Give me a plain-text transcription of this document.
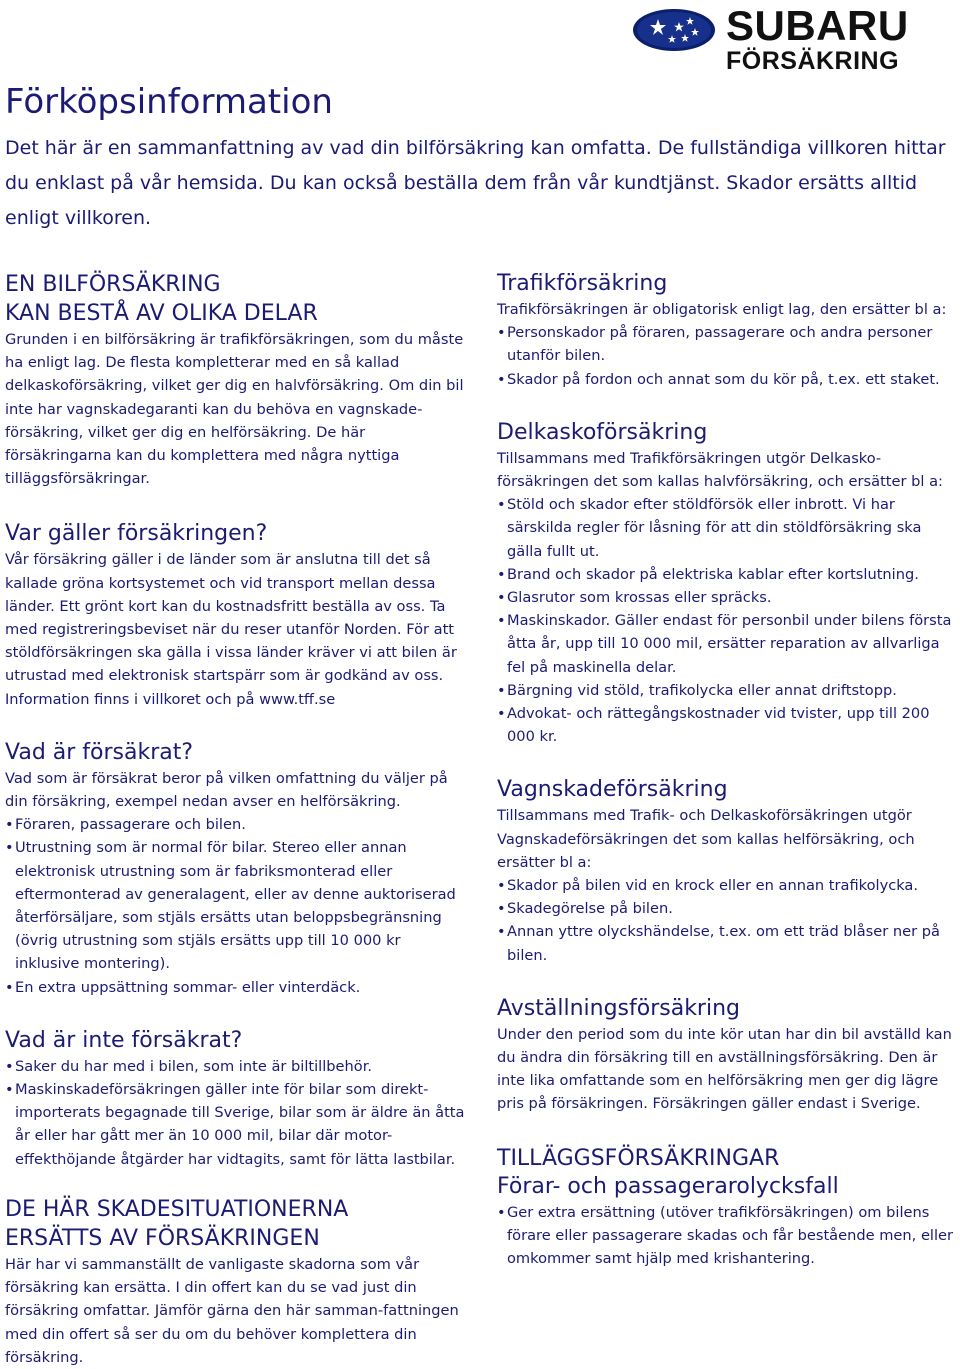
SUBARU
FÖRSÄKRING
Förköpsinformation

Det här är en sammanfattning av vad din bilförsäkring kan omfatta. De fullständiga villkoren hittar du enklast på vår hemsida. Du kan också beställa dem från vår kundtjänst. Skador ersätts alltid enligt villkoren.

EN BILFÖRSÄKRING
KAN BESTÅ AV OLIKA DELAR

Grunden i en bilförsäkring är trafikförsäkringen, som du måste ha enligt lag. De flesta kompletterar med en så kallad delkaskoförsäkring, vilket ger dig en halvförsäkring. Om din bil inte har vagnskadegaranti kan du behöva en vagnskade-försäkring, vilket ger dig en helförsäkring. De här försäkringarna kan du komplettera med några nyttiga tilläggsförsäkringar.

Var gäller försäkringen?

Vår försäkring gäller i de länder som är anslutna till det så kallade gröna kortsystemet och vid transport mellan dessa länder. Ett grönt kort kan du kostnadsfritt beställa av oss. Ta med registreringsbeviset när du reser utanför Norden. För att stöldförsäkringen ska gälla i vissa länder kräver vi att bilen är utrustad med elektronisk startspärr som är godkänd av oss. Information finns i villkoret och på www.tff.se

Vad är försäkrat?

Vad som är försäkrat beror på vilken omfattning du väljer på din försäkring, exempel nedan avser en helförsäkring.

• Föraren, passagerare och bilen.
• Utrustning som är normal för bilar. Stereo eller annan elektronisk utrustning som är fabriksmonterad eller eftermonterad av generalagent, eller av denne auktoriserad återförsäljare, som stjäls ersätts utan beloppsbegränsning (övrig utrustning som stjäls ersätts upp till 10 000 kr inklusive montering).
• En extra uppsättning sommar- eller vinterdäck.
Vad är inte försäkrat?
• Saker du har med i bilen, som inte är biltillbehör.
• Maskinskadeförsäkringen gäller inte för bilar som direkt-importerats begagnade till Sverige, bilar som är äldre än åtta år eller har gått mer än 10 000 mil, bilar där motor-effekthöjande åtgärder har vidtagits, samt för lätta lastbilar.
DE HÄR SKADESITUATIONERNA
ERSÄTTS AV FÖRSÄKRINGEN

Här har vi sammanställt de vanligaste skadorna som vår försäkring kan ersätta. I din offert kan du se vad just din försäkring omfattar. Jämför gärna den här samman-fattningen med din offert så ser du om du behöver komplettera din försäkring.

Trafikförsäkring

Trafikförsäkringen är obligatorisk enligt lag, den ersätter bl a:

• Personskador på föraren, passagerare och andra personer utanför bilen.
• Skador på fordon och annat som du kör på, t.ex. ett staket.
Delkaskoförsäkring

Tillsammans med Trafikförsäkringen utgör Delkasko-försäkringen det som kallas halvförsäkring, och ersätter bl a:

• Stöld och skador efter stöldförsök eller inbrott. Vi har särskilda regler för låsning för att din stöldförsäkring ska gälla fullt ut.
• Brand och skador på elektriska kablar efter kortslutning.
• Glasrutor som krossas eller spräcks.
• Maskinskador. Gäller endast för personbil under bilens första åtta år, upp till 10 000 mil, ersätter reparation av allvarliga fel på maskinella delar.
• Bärgning vid stöld, trafikolycka eller annat driftstopp.
• Advokat- och rättegångskostnader vid tvister, upp till 200 000 kr.
Vagnskadeförsäkring

Tillsammans med Trafik- och Delkaskoförsäkringen utgör Vagnskadeförsäkringen det som kallas helförsäkring, och ersätter bl a:

• Skador på bilen vid en krock eller en annan trafikolycka.
• Skadegörelse på bilen.
• Annan yttre olyckshändelse, t.ex. om ett träd blåser ner på bilen.
Avställningsförsäkring

Under den period som du inte kör utan har din bil avställd kan du ändra din försäkring till en avställningsförsäkring. Den är inte lika omfattande som en helförsäkring men ger dig lägre pris på försäkringen. Försäkringen gäller endast i Sverige.

TILLÄGGSFÖRSÄKRINGAR
Förar- och passagerarolycksfall
• Ger extra ersättning (utöver trafikförsäkringen) om bilens förare eller passagerare skadas och får bestående men, eller omkommer samt hjälp med krishantering.
